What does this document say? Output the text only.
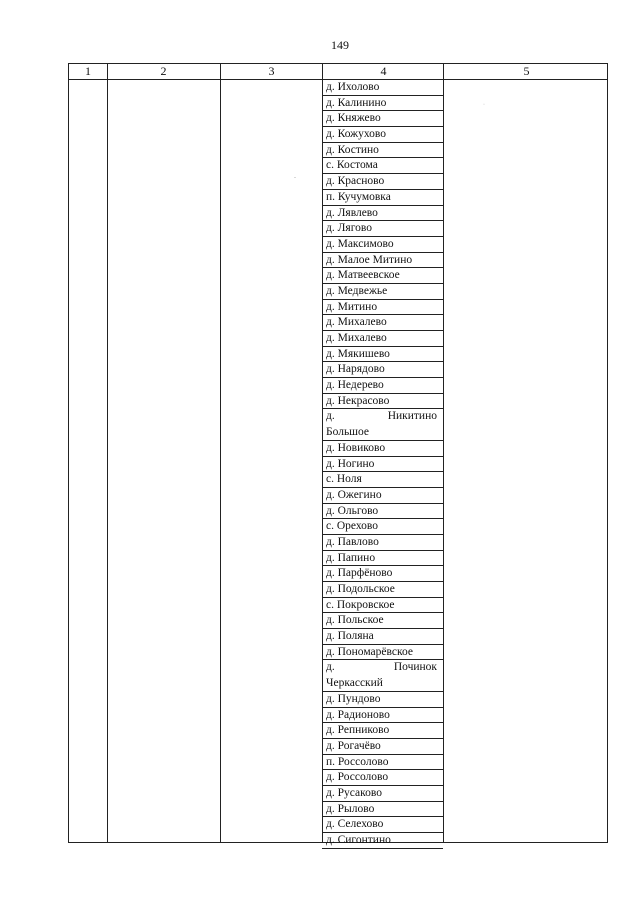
149
1	2	3	4	5
д. Ихолово
д. Калинино
д. Княжево
д. Кожухово
д. Костино
с. Костома
д. Красново
п. Кучумовка
д. Лявлево
д. Лягово
д. Максимово
д. Малое Митино
д. Матвеевское
д. Медвежье
д. Митино
д. Михалево
д. Михалево
д. Мякишево
д. Нарядово
д. Недерево
д. Некрасово
д.	Никитино
Большое
д. Новиково
д. Ногино
с. Ноля
д. Ожегино
д. Ольгово
с. Орехово
д. Павлово
д. Папино
д. Парфёново
д. Подольское
с. Покровское
д. Польское
д. Поляна
д. Пономарёвское
д.	Починок
Черкасский
д. Пундово
д. Радионово
д. Репниково
д. Рогачёво
п. Россолово
д. Россолово
д. Русаково
д. Рылово
д. Селехово
д. Сигонтино
-
·
